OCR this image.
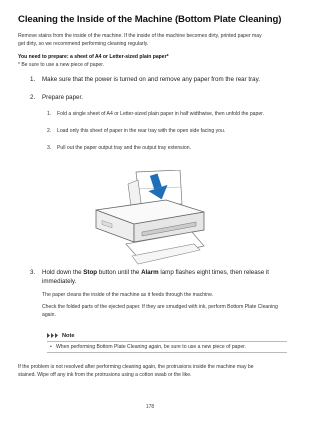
Cleaning the Inside of the Machine (Bottom Plate Cleaning)

Remove stains from the inside of the machine. If the inside of the machine becomes dirty, printed paper may

get dirty, so we recommend performing cleaning regularly.

You need to prepare: a sheet of A4 or Letter-sized plain paper*

* Be sure to use a new piece of paper.

1. Make sure that the power is turned on and remove any paper from the rear tray.

2. Prepare paper.

1. Fold a single sheet of A4 or Letter-sized plain paper in half widthwise, then unfold the paper.

2. Load only this sheet of paper in the rear tray with the open side facing you.

3. Pull out the paper output tray and the output tray extension.

3. Hold down the Stop button until the Alarm lamp flashes eight times, then release it

immediately.

The paper cleans the inside of the machine as it feeds through the machine.

Check the folded parts of the ejected paper. If they are smudged with ink, perform Bottom Plate Cleaning

again.

Note

• When performing Bottom Plate Cleaning again, be sure to use a new piece of paper.

If the problem is not resolved after performing cleaning again, the protrusions inside the machine may be

stained. Wipe off any ink from the protrusions using a cotton swab or the like.

178
